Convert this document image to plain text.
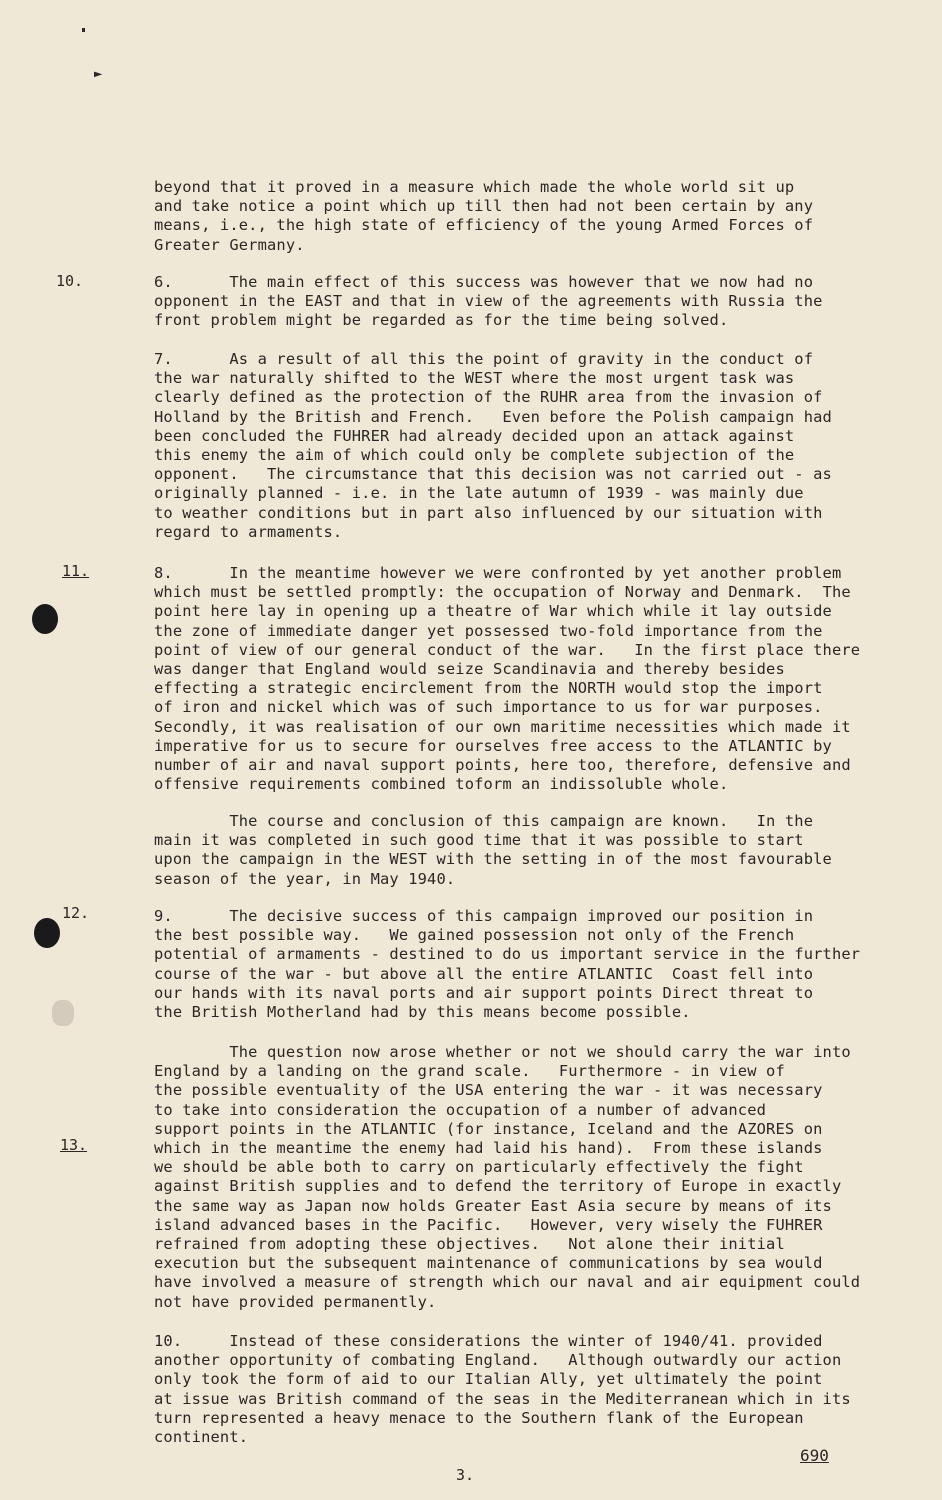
►
beyond that it proved in a measure which made the whole world sit up
and take notice a point which up till then had not been certain by any
means, i.e., the high state of efficiency of the young Armed Forces of
Greater Germany.
10.	6.      The main effect of this success was however that we now had no
opponent in the EAST and that in view of the agreements with Russia the
front problem might be regarded as for the time being solved.
7.      As a result of all this the point of gravity in the conduct of
the war naturally shifted to the WEST where the most urgent task was
clearly defined as the protection of the RUHR area from the invasion of
Holland by the British and French.   Even before the Polish campaign had
been concluded the FUHRER had already decided upon an attack against
this enemy the aim of which could only be complete subjection of the
opponent.   The circumstance that this decision was not carried out - as
originally planned - i.e. in the late autumn of 1939 - was mainly due
to weather conditions but in part also influenced by our situation with
regard to armaments.
11.	8.      In the meantime however we were confronted by yet another problem
which must be settled promptly: the occupation of Norway and Denmark.  The
point here lay in opening up a theatre of War which while it lay outside
the zone of immediate danger yet possessed two-fold importance from the
point of view of our general conduct of the war.   In the first place there
was danger that England would seize Scandinavia and thereby besides
effecting a strategic encirclement from the NORTH would stop the import
of iron and nickel which was of such importance to us for war purposes.
Secondly, it was realisation of our own maritime necessities which made it
imperative for us to secure for ourselves free access to the ATLANTIC by
number of air and naval support points, here too, therefore, defensive and
offensive requirements combined toform an indissoluble whole.
The course and conclusion of this campaign are known.   In the
main it was completed in such good time that it was possible to start
upon the campaign in the WEST with the setting in of the most favourable
season of the year, in May 1940.
12.	9.      The decisive success of this campaign improved our position in
the best possible way.   We gained possession not only of the French
potential of armaments - destined to do us important service in the further
course of the war - but above all the entire ATLANTIC  Coast fell into
our hands with its naval ports and air support points Direct threat to
the British Motherland had by this means become possible.
The question now arose whether or not we should carry the war into
England by a landing on the grand scale.   Furthermore - in view of
the possible eventuality of the USA entering the war - it was necessary
to take into consideration the occupation of a number of advanced
support points in the ATLANTIC (for instance, Iceland and the AZORES on
which in the meantime the enemy had laid his hand).  From these islands
we should be able both to carry on particularly effectively the fight
against British supplies and to defend the territory of Europe in exactly
the same way as Japan now holds Greater East Asia secure by means of its
island advanced bases in the Pacific.   However, very wisely the FUHRER
refrained from adopting these objectives.   Not alone their initial
execution but the subsequent maintenance of communications by sea would
have involved a measure of strength which our naval and air equipment could
not have provided permanently.
13.
10.     Instead of these considerations the winter of 1940/41. provided
another opportunity of combating England.   Although outwardly our action
only took the form of aid to our Italian Ally, yet ultimately the point
at issue was British command of the seas in the Mediterranean which in its
turn represented a heavy menace to the Southern flank of the European
continent.
690
3.
